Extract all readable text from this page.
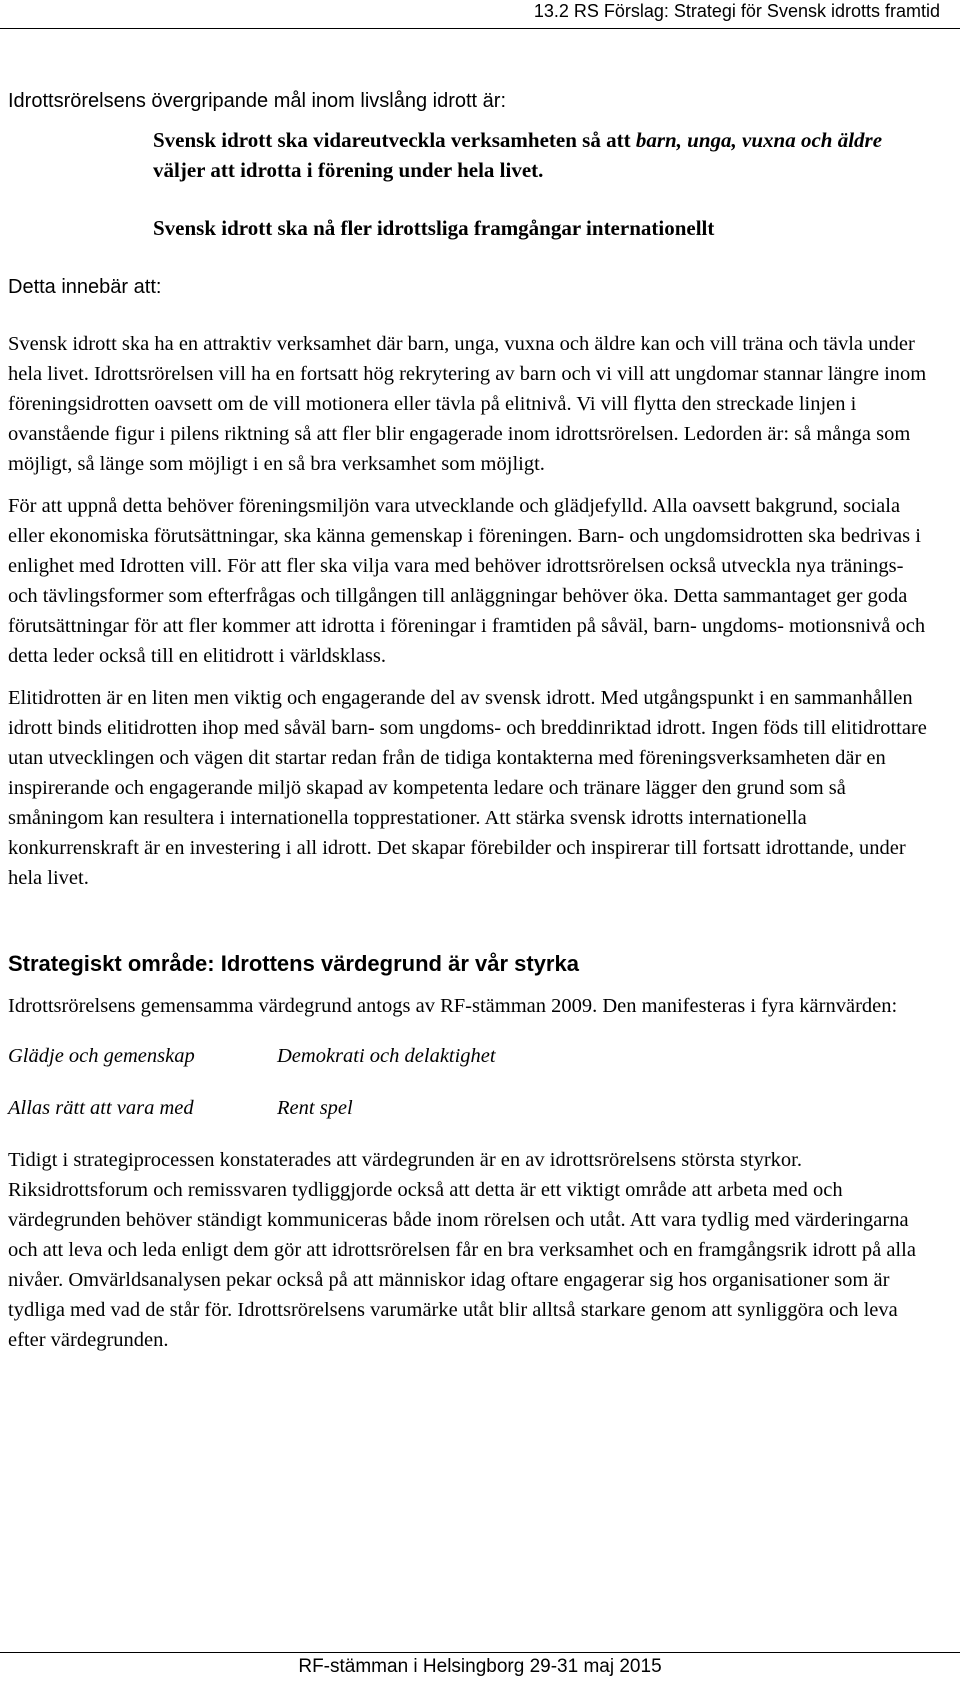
13.2 RS Förslag: Strategi för Svensk idrotts framtid
Idrottsrörelsens övergripande mål inom livslång idrott är:
Svensk idrott ska vidareutveckla verksamheten så att barn, unga, vuxna och äldre väljer att idrotta i förening under hela livet.
Svensk idrott ska nå fler idrottsliga framgångar internationellt
Detta innebär att:

Svensk idrott ska ha en attraktiv verksamhet där barn, unga, vuxna och äldre kan och vill träna och tävla under hela livet. Idrottsrörelsen vill ha en fortsatt hög rekrytering av barn och vi vill att ungdomar stannar längre inom föreningsidrotten oavsett om de vill motionera eller tävla på elitnivå. Vi vill flytta den streckade linjen i ovanstående figur i pilens riktning så att fler blir engagerade inom idrottsrörelsen. Ledorden är: så många som möjligt, så länge som möjligt i en så bra verksamhet som möjligt.

För att uppnå detta behöver föreningsmiljön vara utvecklande och glädjefylld. Alla oavsett bakgrund, sociala eller ekonomiska förutsättningar, ska känna gemenskap i föreningen. Barn- och ungdomsidrotten ska bedrivas i enlighet med Idrotten vill. För att fler ska vilja vara med behöver idrottsrörelsen också utveckla nya tränings- och tävlingsformer som efterfrågas och tillgången till anläggningar behöver öka. Detta sammantaget ger goda förutsättningar för att fler kommer att idrotta i föreningar i framtiden på såväl, barn- ungdoms- motionsnivå och detta leder också till en elitidrott i världsklass.

Elitidrotten är en liten men viktig och engagerande del av svensk idrott. Med utgångspunkt i en sammanhållen idrott binds elitidrotten ihop med såväl barn- som ungdoms- och breddinriktad idrott. Ingen föds till elitidrottare utan utvecklingen och vägen dit startar redan från de tidiga kontakterna med föreningsverksamheten där en inspirerande och engagerande miljö skapad av kompetenta ledare och tränare lägger den grund som så småningom kan resultera i internationella topprestationer. Att stärka svensk idrotts internationella konkurrenskraft är en investering i all idrott. Det skapar förebilder och inspirerar till fortsatt idrottande, under hela livet.

Strategiskt område: Idrottens värdegrund är vår styrka

Idrottsrörelsens gemensamma värdegrund antogs av RF-stämman 2009. Den manifesteras i fyra kärnvärden:

Glädje och gemenskap	Demokrati och delaktighet
Allas rätt att vara med	Rent spel

Tidigt i strategiprocessen konstaterades att värdegrunden är en av idrottsrörelsens största styrkor. Riksidrottsforum och remissvaren tydliggjorde också att detta är ett viktigt område att arbeta med och värdegrunden behöver ständigt kommuniceras både inom rörelsen och utåt. Att vara tydlig med värderingarna och att leva och leda enligt dem gör att idrottsrörelsen får en bra verksamhet och en framgångsrik idrott på alla nivåer. Omvärldsanalysen pekar också på att människor idag oftare engagerar sig hos organisationer som är tydliga med vad de står för. Idrottsrörelsens varumärke utåt blir alltså starkare genom att synliggöra och leva efter värdegrunden.

RF-stämman i Helsingborg 29-31 maj 2015
